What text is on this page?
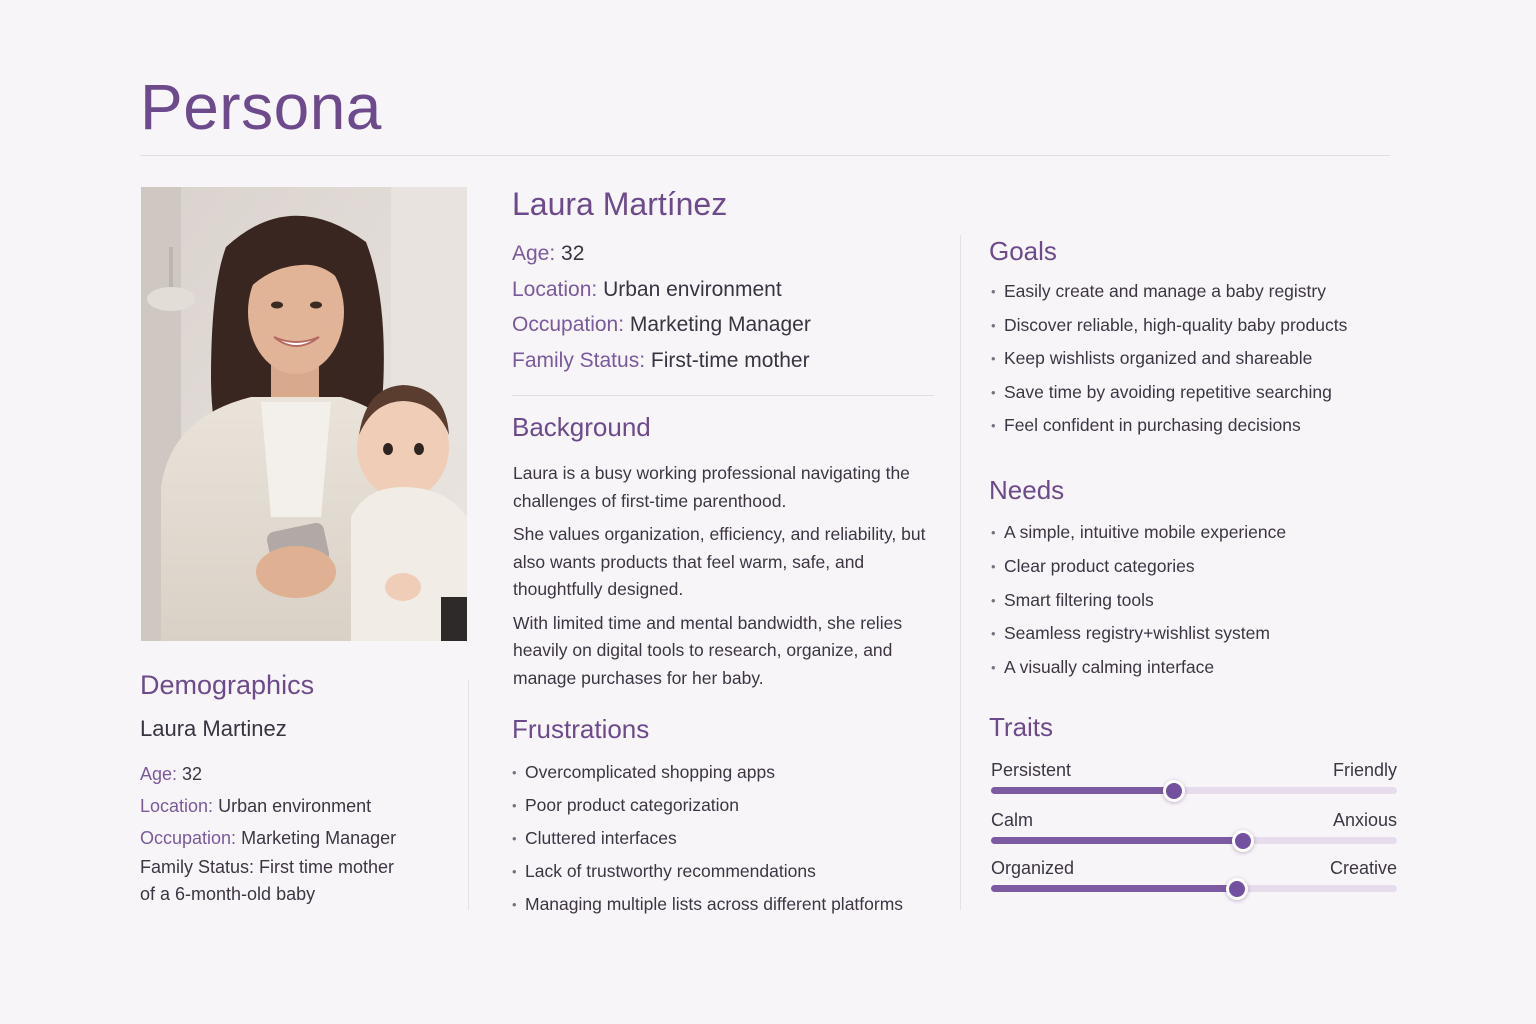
Persona
Demographics
Laura Martinez
Age: 32
Location: Urban environment
Occupation: Marketing Manager
Family Status: First time mother
of a 6-month-old baby
Laura Martínez
Age: 32
Location: Urban environment
Occupation: Marketing Manager
Family Status: First-time mother
Background

Laura is a busy working professional navigating the challenges of first-time parenthood.

She values organization, efficiency, and reliability, but also wants products that feel warm, safe, and thoughtfully designed.

With limited time and mental bandwidth, she relies heavily on digital tools to research, organize, and manage purchases for her baby.

Frustrations
• Overcomplicated shopping apps
• Poor product categorization
• Cluttered interfaces
• Lack of trustworthy recommendations
• Managing multiple lists across different platforms
Goals
• Easily create and manage a baby registry
• Discover reliable, high-quality baby products
• Keep wishlists organized and shareable
• Save time by avoiding repetitive searching
• Feel confident in purchasing decisions
Needs
• A simple, intuitive mobile experience
• Clear product categories
• Smart filtering tools
• Seamless registry+wishlist system
• A visually calming interface
Traits
Persistent	Friendly
Calm	Anxious
Organized	Creative
